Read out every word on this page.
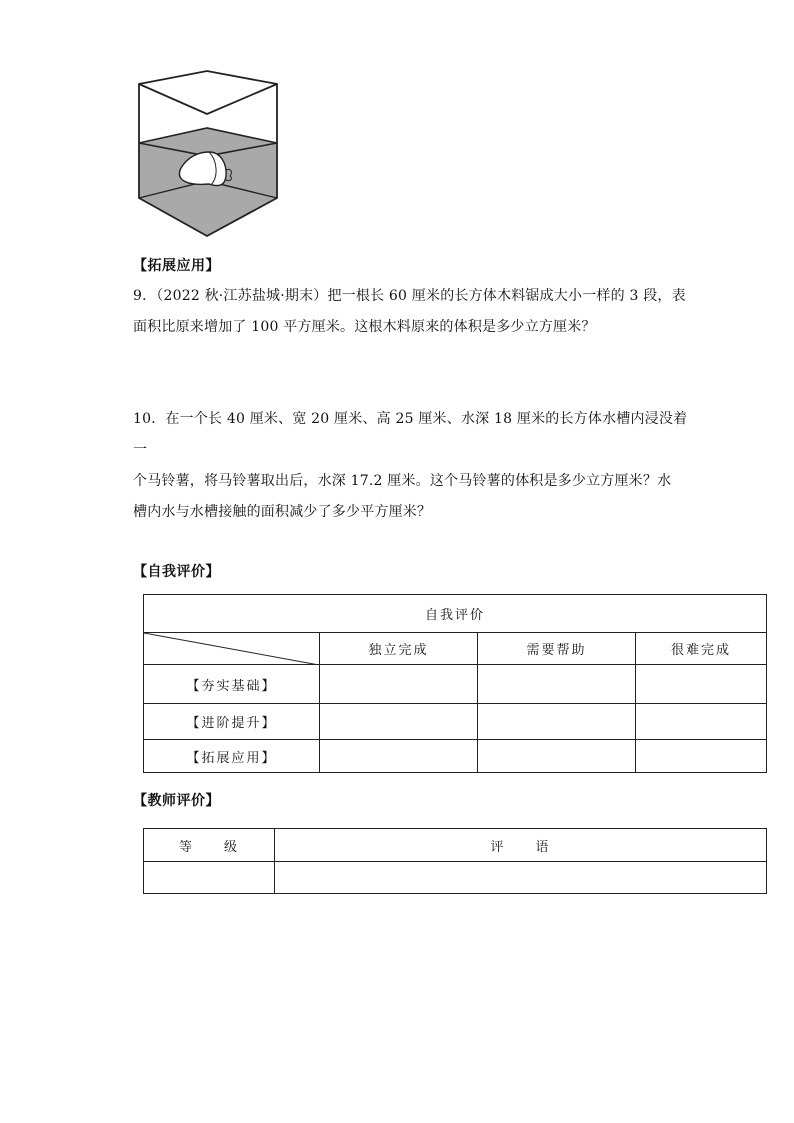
【拓展应用】
9．（2022 秋·江苏盐城·期末）把一根长 60 厘米的长方体木料锯成大小一样的 3 段，表
面积比原来增加了 100 平方厘米。这根木料原来的体积是多少立方厘米？
10．在一个长 40 厘米、宽 20 厘米、高 25 厘米、水深 18 厘米的长方体水槽内浸没着一
个马铃薯，将马铃薯取出后，水深 17.2 厘米。这个马铃薯的体积是多少立方厘米？水
槽内水与水槽接触的面积减少了多少平方厘米？
【自我评价】
自我评价			

	独立完成	需要帮助	很难完成
【夯实基础】			
【进阶提升】			
【拓展应用】			
【教师评价】
等　　级	评　　语
